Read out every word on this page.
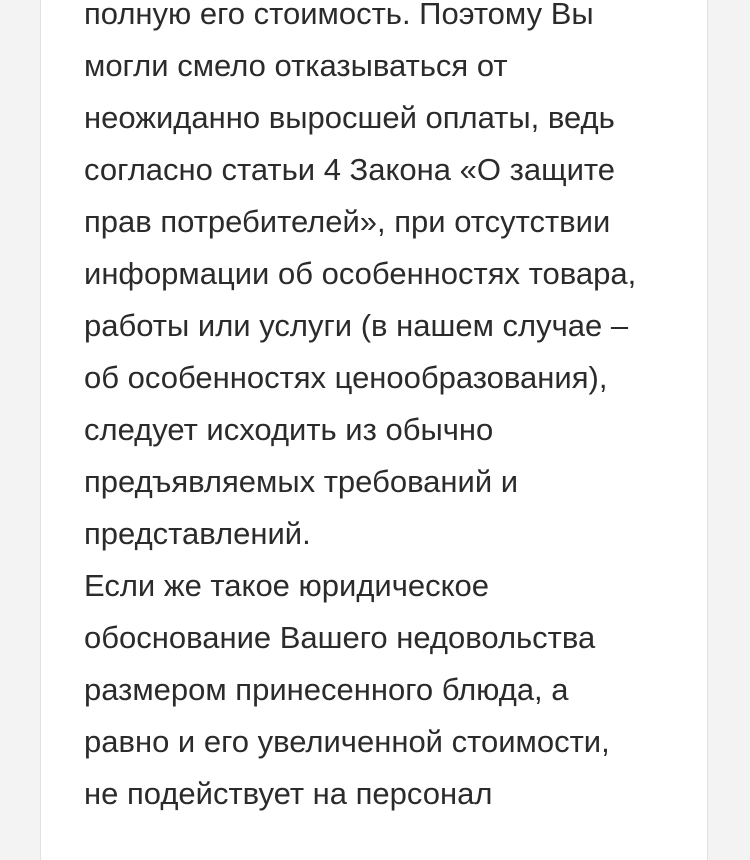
полную его стоимость. Поэтому Вы
могли смело отказываться от
неожиданно выросшей оплаты, ведь
согласно статьи 4 Закона «О защите
прав потребителей», при отсутствии
информации об особенностях товара,
работы или услуги (в нашем случае –
об особенностях ценообразования),
следует исходить из обычно
предъявляемых требований и
представлений.
Если же такое юридическое
обоснование Вашего недовольства
размером принесенного блюда, а
равно и его увеличенной стоимости,
не подействует на персонал
